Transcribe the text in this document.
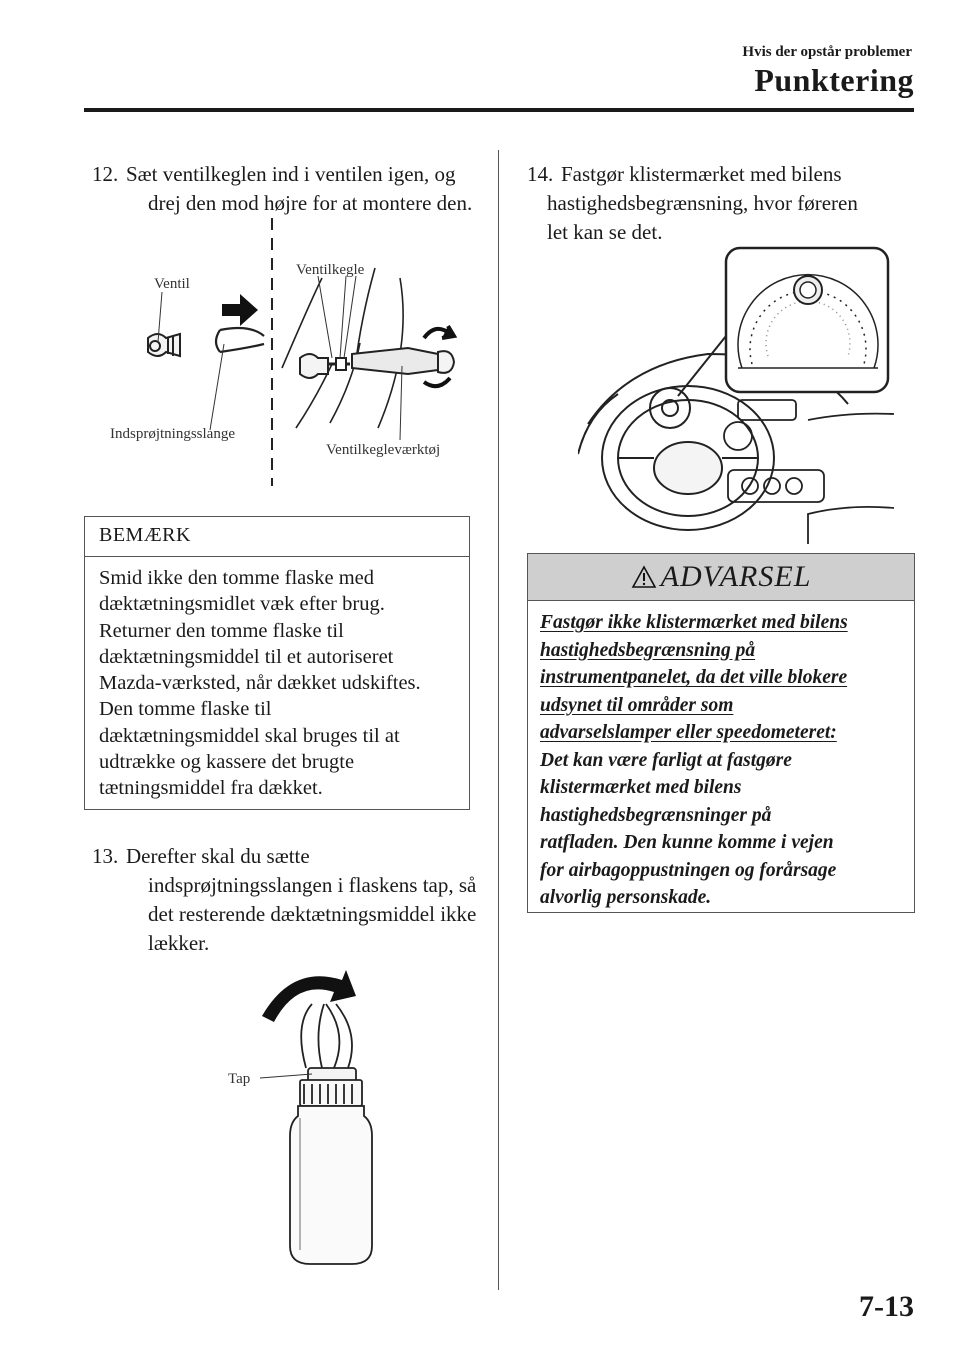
Hvis der opstår problemer
Punktering
12. Sæt ventilkeglen ind i ventilen igen, og
drej den mod højre for at montere den.
Ventil
Ventilkegle
Indsprøjtningsslange
Ventilkegleværktøj
BEMÆRK
Smid ikke den tomme flaske med
dæktætningsmidlet væk efter brug.
Returner den tomme flaske til
dæktætningsmiddel til et autoriseret
Mazda-værksted, når dækket udskiftes.
Den tomme flaske til
dæktætningsmiddel skal bruges til at
udtrække og kassere det brugte
tætningsmiddel fra dækket.
13. Derefter skal du sætte
indsprøjtningsslangen i flaskens tap, så
det resterende dæktætningsmiddel ikke
lækker.
Tap
14. Fastgør klistermærket med bilens
hastighedsbegrænsning, hvor føreren
let kan se det.
ADVARSEL
Fastgør ikke klistermærket med bilens
hastighedsbegrænsning på
instrumentpanelet, da det ville blokere
udsynet til områder som
advarselslamper eller speedometeret:
Det kan være farligt at fastgøre
klistermærket med bilens
hastighedsbegrænsninger på
ratfladen. Den kunne komme i vejen
for airbagoppustningen og forårsage
alvorlig personskade.
7-13
